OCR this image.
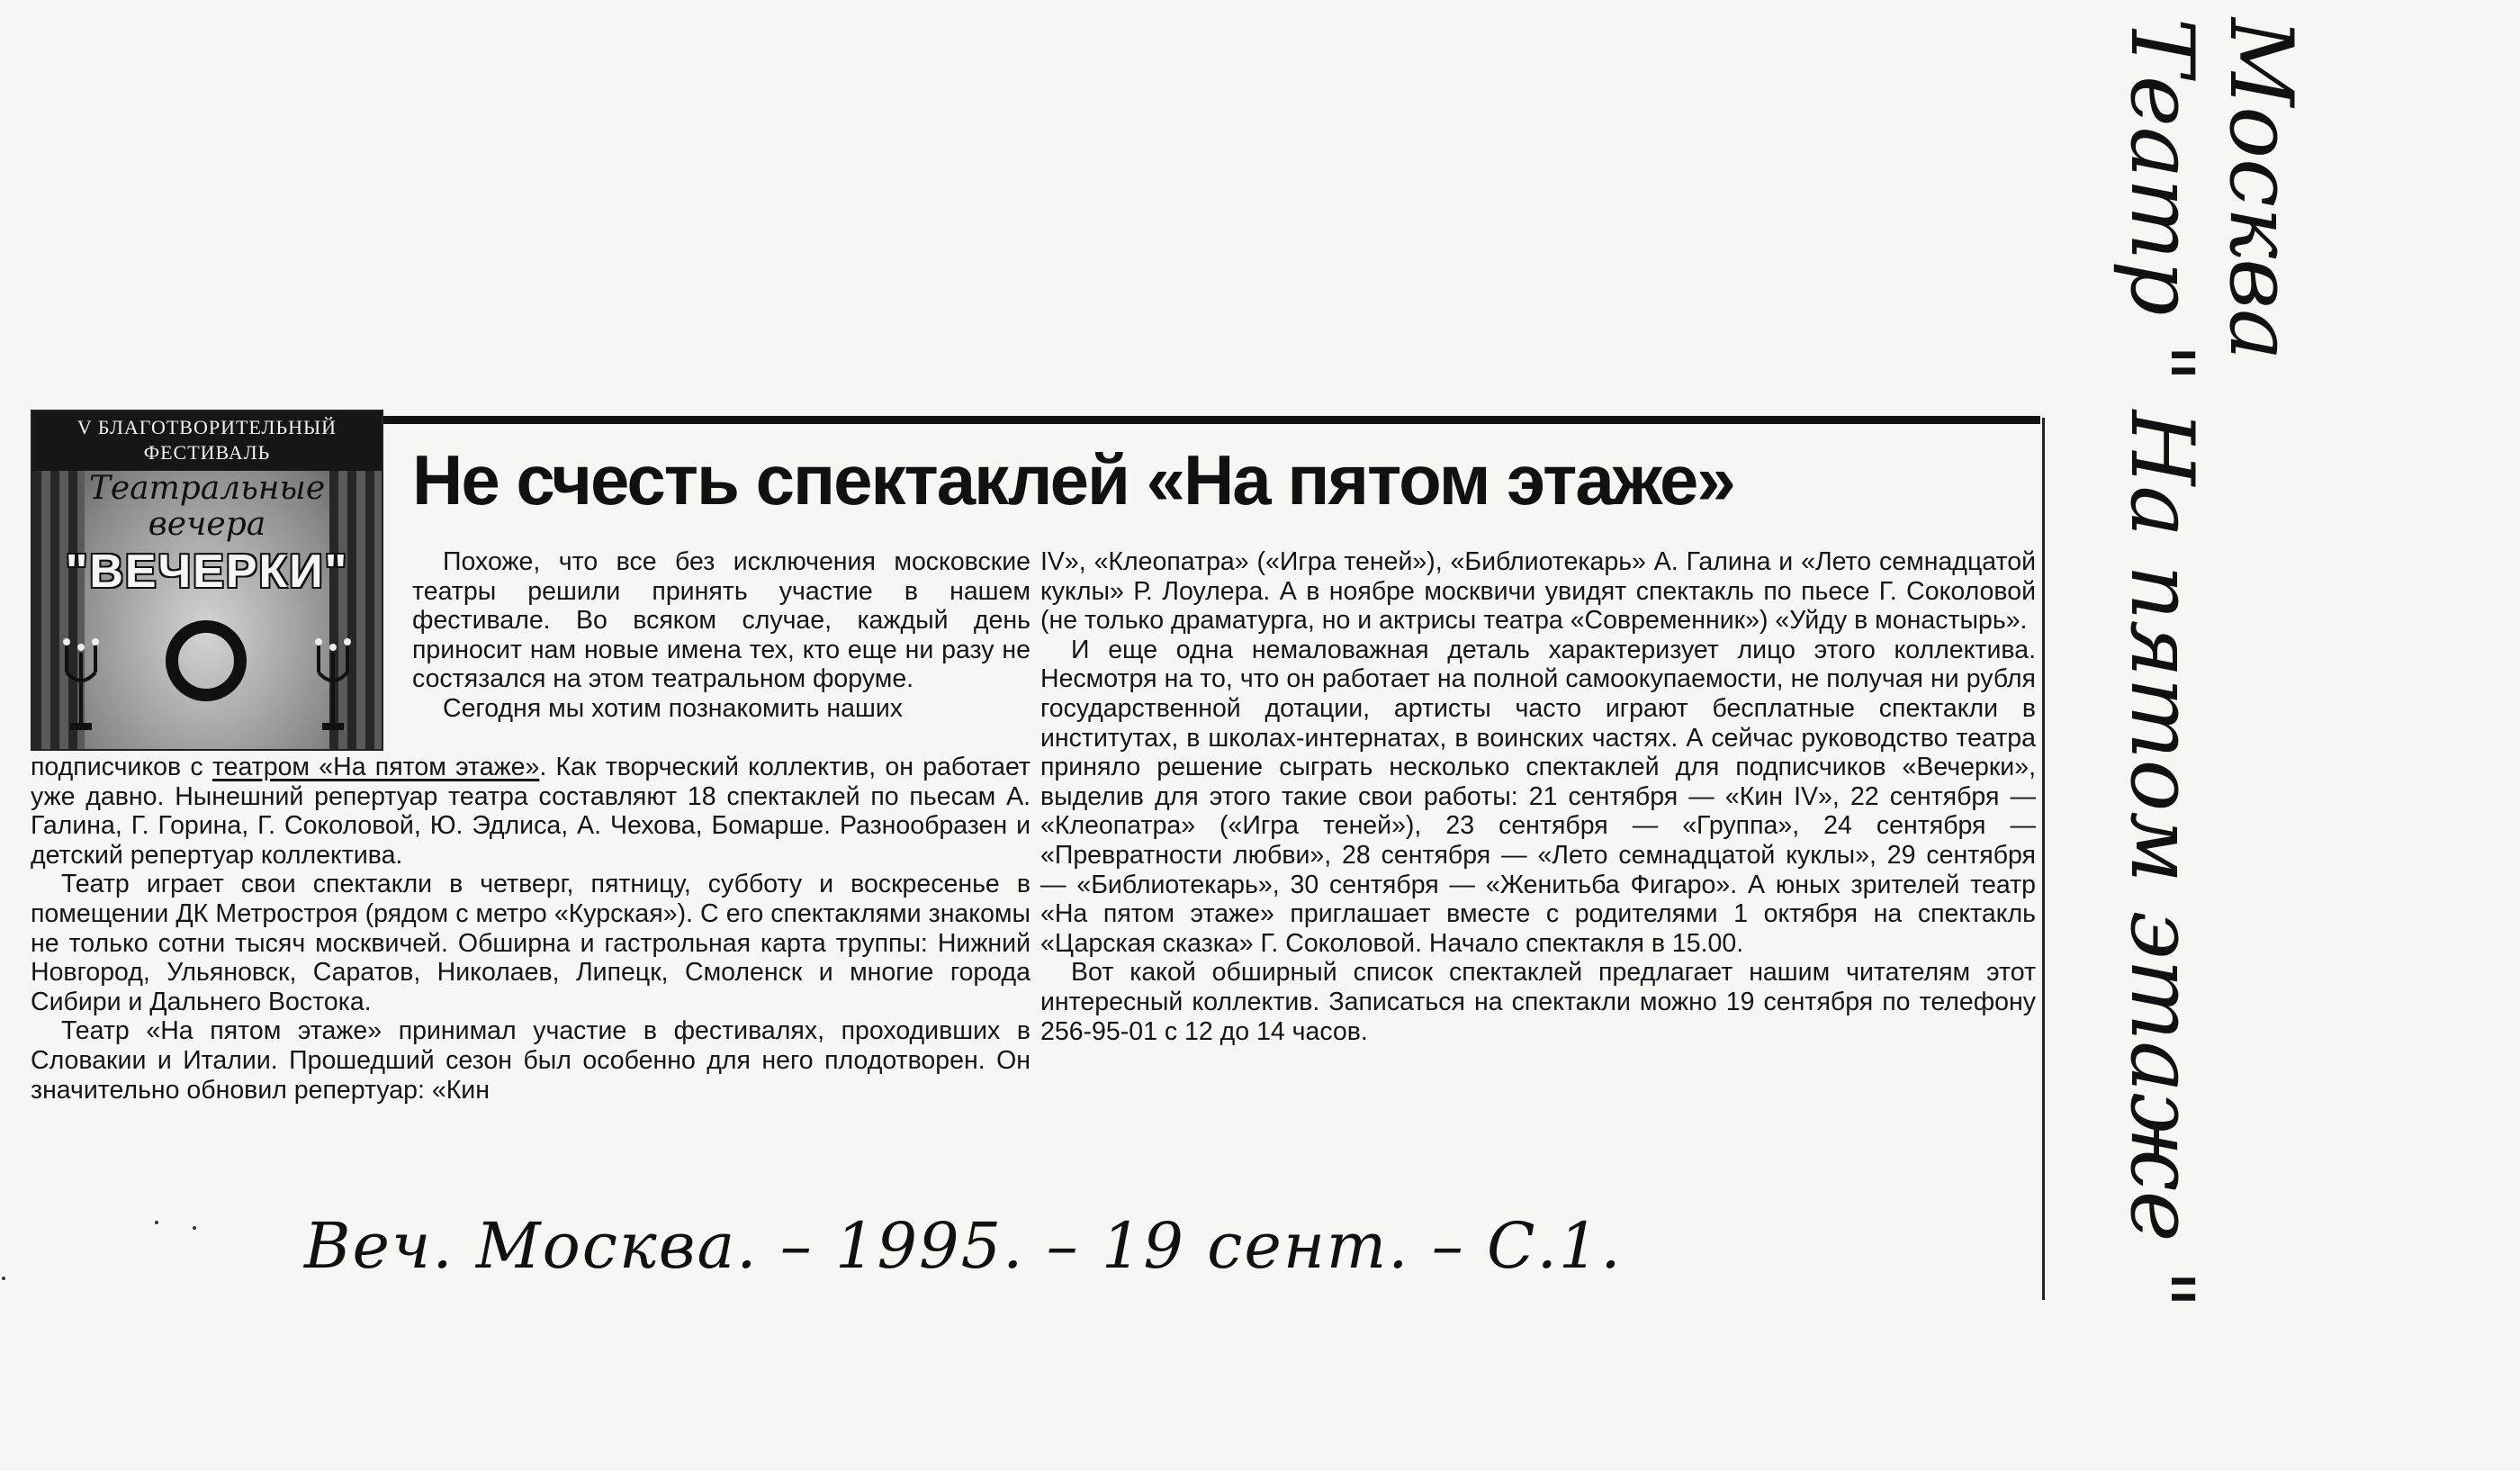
V БЛАГОТВОРИТЕЛЬНЫЙ
ФЕСТИВАЛЬ
Театральные
вечера
"ВЕЧЕРКИ"
Не счесть спектаклей «На пятом этаже»

Похоже, что все без исключения московские театры решили принять участие в нашем фестивале. Во всяком случае, каждый день приносит нам новые имена тех, кто еще ни разу не состязался на этом театральном форуме.

Сегодня мы хотим познакомить наших

подписчиков с театром «На пятом этаже». Как творческий коллектив, он работает уже давно. Нынешний репертуар театра составляют 18 спектаклей по пьесам А. Галина, Г. Горина, Г. Соколовой, Ю. Эдлиса, А. Чехова, Бомарше. Разнообразен и детский репертуар коллектива.

Театр играет свои спектакли в четверг, пятницу, субботу и воскресенье в помещении ДК Метростроя (рядом с метро «Курская»). С его спектаклями знакомы не только сотни тысяч москвичей. Обширна и гастрольная карта труппы: Нижний Новгород, Ульяновск, Саратов, Николаев, Липецк, Смоленск и многие города Сибири и Дальнего Востока.

Театр «На пятом этаже» принимал участие в фестивалях, проходивших в Словакии и Италии. Прошедший сезон был особенно для него плодотворен. Он значительно обновил репертуар: «Кин

IV», «Клеопатра» («Игра теней»), «Библиотекарь» А. Галина и «Лето семнадцатой куклы» Р. Лоулера. А в ноябре москвичи увидят спектакль по пьесе Г. Соколовой (не только драматурга, но и актрисы театра «Современник») «Уйду в монастырь».

И еще одна немаловажная деталь характеризует лицо этого коллектива. Несмотря на то, что он работает на полной самоокупаемости, не получая ни рубля государственной дотации, артисты часто играют бесплатные спектакли в институтах, в школах-интернатах, в воинских частях. А сейчас руководство театра приняло решение сыграть несколько спектаклей для подписчиков «Вечерки», выделив для этого такие свои работы: 21 сентября — «Кин IV», 22 сентября — «Клеопатра» («Игра теней»), 23 сентября — «Группа», 24 сентября — «Превратности любви», 28 сентября — «Лето семнадцатой куклы», 29 сентября — «Библиотекарь», 30 сентября — «Женитьба Фигаро». А юных зрителей театр «На пятом этаже» приглашает вместе с родителями 1 октября на спектакль «Царская сказка» Г. Соколовой. Начало спектакля в 15.00.

Вот какой обширный список спектаклей предлагает нашим читателям этот интересный коллектив. Записаться на спектакли можно 19 сентября по телефону 256-95-01 с 12 до 14 часов.

Веч. Москва. – 1995. – 19 сент. – С.1.
Москва
Театр " На пятом этаже "
